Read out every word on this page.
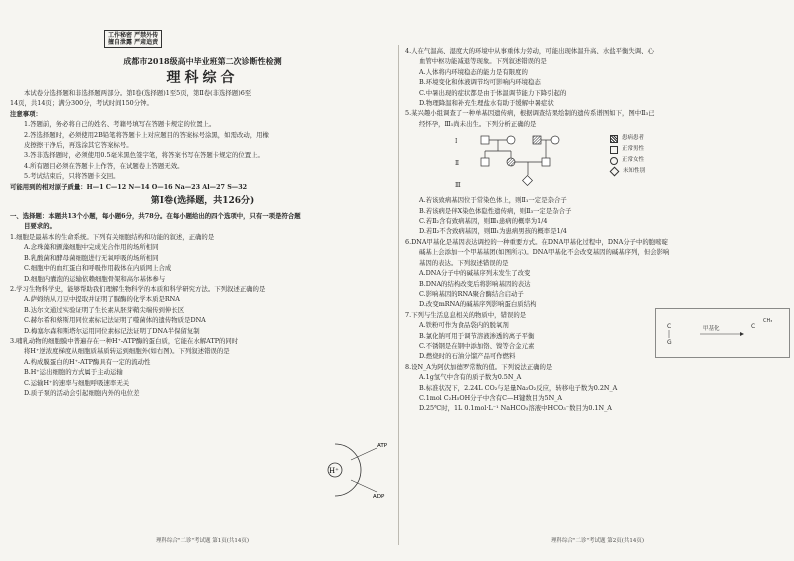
工作秘密 严禁外传
擅自泄露 严肃追责
成都市2018级高中毕业班第二次诊断性检测
理科综合
本试卷分选择题和非选择题两部分。第Ⅰ卷(选择题)1至5页，第Ⅱ卷(非选择题)6至
14页，共14页；满分300分，考试时间150分钟。
注意事项：
1.答题前，务必将自己的姓名、考籍号填写在答题卡规定的位置上。
2.答选择题时，必须使用2B铅笔将答题卡上对应题目的答案标号涂黑，如需改动，用橡
皮擦擦干净后，再选涂其它答案标号。
3.答非选择题时，必须使用0.5毫米黑色签字笔，将答案书写在答题卡规定的位置上。
4.所有题目必须在答题卡上作答，在试题卷上答题无效。
5.考试结束后，只将答题卡交回。
可能用到的相对原子质量：H—1 C—12 N—14 O—16 Na—23 Al—27 S—32
第Ⅰ卷(选择题，共126分)
一、选择题：本题共13个小题，每小题6分，共78分。在每小题给出的四个选项中，只有一项是符合题
目要求的。
1.细胞是最基本的生命系统。下列有关细胞结构和功能的叙述，正确的是
A.念珠藻和颤藻细胞中完成光合作用的场所相同
B.乳酸菌和酵母菌细胞进行无氧呼吸的场所相同
C.细胞中的血红蛋白和呼吸作用载体在内质网上合成
D.细胞内囊泡的运输依赖细胞骨架和高尔基体参与
2.学习生物科学史，能够帮助我们理解生物科学的本质和科学研究方法。下列叙述正确的是
A.萨姆纳从刀豆中提取并证明了脲酶的化学本质是RNA
B.达尔文通过实验证明了生长素从胚芽鞘尖端传到伸长区
C.赫尔希和蔡斯用同位素标记法证明了噬菌体的遗传物质是DNA
D.梅塞尔森和斯塔尔运用同位素标记法证明了DNA半保留复制
3.哺乳动物的细胞膜中普遍存在一种H⁺-ATP酶的蛋白质，它能在水解ATP的同时
将H⁺逆浓度梯度从细胞质基质转运到细胞外(如右图)。下列叙述错误的是
A.构成膜蛋白的H⁺-ATP酶具有一定的流动性
B.H⁺运出细胞的方式属于主动运输
C.运输H⁺的速率与细胞呼吸速率无关
D.质子泵的活动会引起细胞内外的电位差
H⁺
ATP
ADP
理科综合"二诊"考试题 第1页(共14页)
4.人在气温高、湿度大的环境中从事重体力劳动，可能出现体温升高、水盐平衡失调、心
血管中枢功能减退等现象。下列叙述错误的是
A.人体将内环境稳态的能力是有限度的
B.环境变化和体液调节均可影响内环境稳态
C.中暑出现的症状都是由于体温调节能力下降引起的
D.物理降温和补充生理盐水有助于缓解中暑症状
5.某兴趣小组调查了一种单基因遗传病，根据调查结果绘制的遗传系谱图如下，图中Ⅱ₃已
经怀孕，Ⅲ₁尚未出生。下列分析正确的是
Ⅰ
Ⅱ
Ⅲ
患病患者
正常男性
正常女性
未知性别
A.若该致病基因位于常染色体上，则Ⅱ₁一定是杂合子
B.若该病是伴X染色体隐性遗传病，则Ⅱ₃一定是杂合子
C.若Ⅱ₂含有致病基因，则Ⅲ₁患病的概率为1/4
D.若Ⅱ₂不含致病基因，则Ⅲ₁为患病男孩的概率是1/4
6.DNA甲基化是基因表达调控的一种重要方式。在DNA甲基化过程中，DNA分子中的胞嘧啶
碱基上会添加一个甲基基团(如图所示)。DNA甲基化不会改变基因的碱基序列，但会影响
基因的表达。下列叙述错误的是
A.DNA分子中的碱基序列未发生了改变
B.DNA的结构改变后将影响基因的表达
C.影响基因的RNA聚合酶结合启动子
D.改变mRNA的碱基序列影响蛋白质结构
C
G
甲基化	C
CH₃
7.下列与生活息息相关的物质中，错误的是
A.铁粉可作为食品袋内的脱氧剂
B.氯化钠可用于调节溶液渗透的离子平衡
C.不锈钢是在钢中添加铬、镍等合金元素
D.燃烧时的石油分馏产品可作燃料
8.设N_A为阿伏加德罗常数的值。下列说法正确的是
A.1g氢气中含有的质子数为0.5N_A
B.标准状况下，2.24L CO₂与足量Na₂O₂反应，转移电子数为0.2N_A
C.1mol C₂H₅OH分子中含有C—H键数目为5N_A
D.25℃时，1L 0.1mol·L⁻¹ NaHCO₃溶液中HCO₃⁻数目为0.1N_A
理科综合"二诊"考试题 第2页(共14页)
